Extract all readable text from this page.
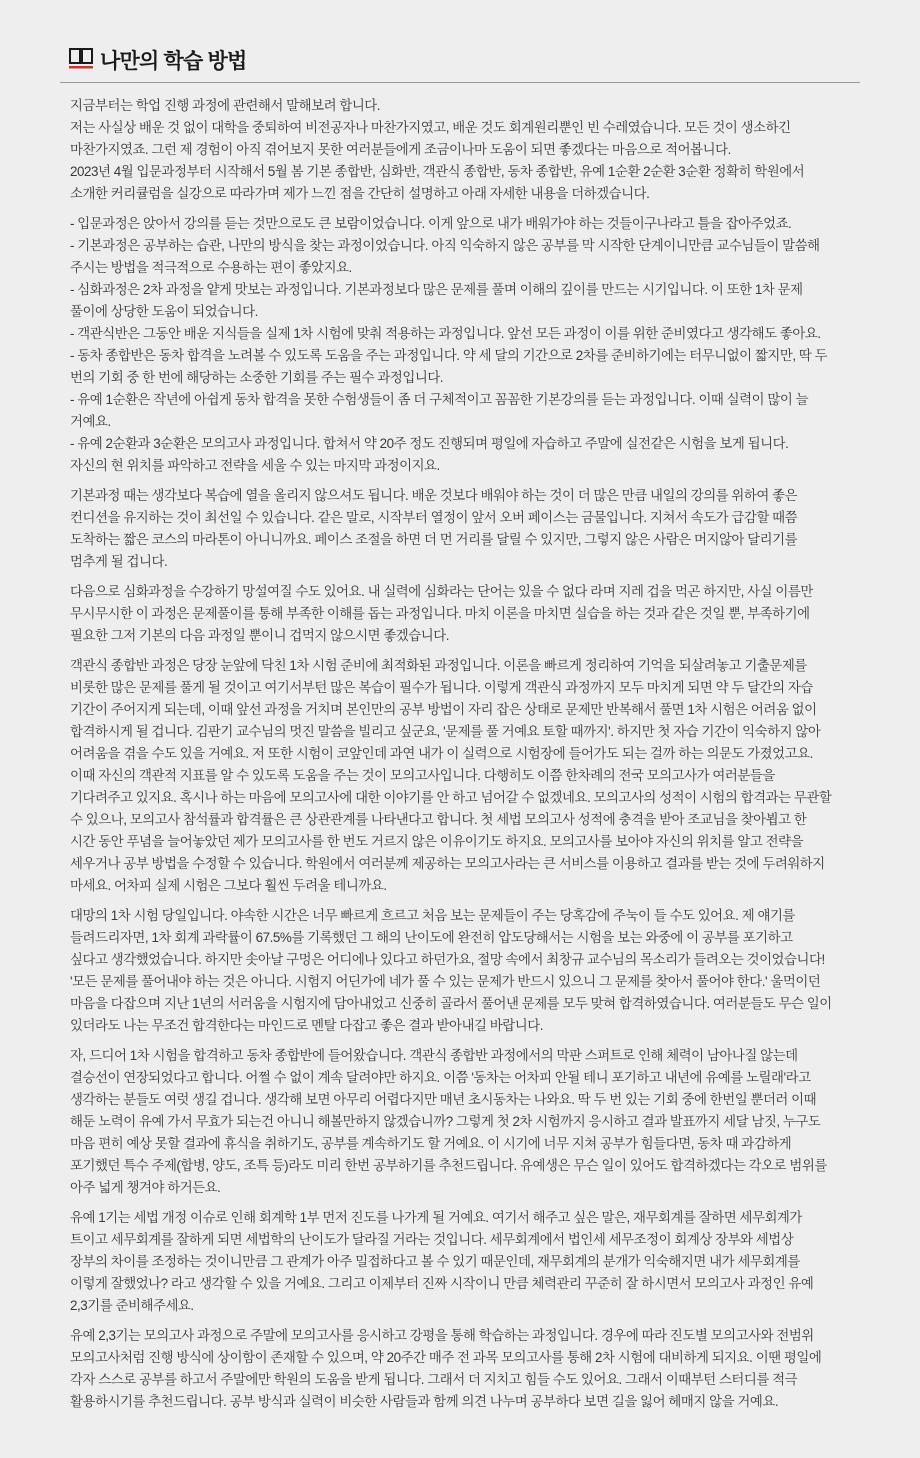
나만의 학습 방법
지금부터는 학업 진행 과정에 관련해서 말해보려 합니다.
저는 사실상 배운 것 없이 대학을 중퇴하여 비전공자나 마찬가지였고, 배운 것도 회계원리뿐인 빈 수레였습니다. 모든 것이 생소하긴
마찬가지였죠. 그런 제 경험이 아직 겪어보지 못한 여러분들에게 조금이나마 도움이 되면 좋겠다는 마음으로 적어봅니다.
2023년 4월 입문과정부터 시작해서 5월 봄 기본 종합반, 심화반, 객관식 종합반, 동차 종합반, 유예 1순환 2순환 3순환 정확히 학원에서
소개한 커리큘럼을 실강으로 따라가며 제가 느낀 점을 간단히 설명하고 아래 자세한 내용을 더하겠습니다.
- 입문과정은 앉아서 강의를 듣는 것만으로도 큰 보람이었습니다. 이게 앞으로 내가 배워가야 하는 것들이구나라고 틀을 잡아주었죠.
- 기본과정은 공부하는 습관, 나만의 방식을 찾는 과정이었습니다. 아직 익숙하지 않은 공부를 막 시작한 단계이니만큼 교수님들이 말씀해
주시는 방법을 적극적으로 수용하는 편이 좋았지요.
- 심화과정은 2차 과정을 얕게 맛보는 과정입니다. 기본과정보다 많은 문제를 풀며 이해의 깊이를 만드는 시기입니다. 이 또한 1차 문제
풀이에 상당한 도움이 되었습니다.
- 객관식반은 그동안 배운 지식들을 실제 1차 시험에 맞춰 적용하는 과정입니다. 앞선 모든 과정이 이를 위한 준비였다고 생각해도 좋아요.
- 동차 종합반은 동차 합격을 노려볼 수 있도록 도움을 주는 과정입니다. 약 세 달의 기간으로 2차를 준비하기에는 터무니없이 짧지만, 딱 두
번의 기회 중 한 번에 해당하는 소중한 기회를 주는 필수 과정입니다.
- 유예 1순환은 작년에 아쉽게 동차 합격을 못한 수험생들이 좀 더 구체적이고 꼼꼼한 기본강의를 듣는 과정입니다. 이때 실력이 많이 늘
거예요.
- 유예 2순환과 3순환은 모의고사 과정입니다. 합쳐서 약 20주 정도 진행되며 평일에 자습하고 주말에 실전같은 시험을 보게 됩니다.
자신의 현 위치를 파악하고 전략을 세울 수 있는 마지막 과정이지요.
기본과정 때는 생각보다 복습에 열을 올리지 않으셔도 됩니다. 배운 것보다 배워야 하는 것이 더 많은 만큼 내일의 강의를 위하여 좋은
컨디션을 유지하는 것이 최선일 수 있습니다. 같은 말로, 시작부터 열정이 앞서 오버 페이스는 금물입니다. 지쳐서 속도가 급감할 때쯤
도착하는 짧은 코스의 마라톤이 아니니까요. 페이스 조절을 하면 더 먼 거리를 달릴 수 있지만, 그렇지 않은 사람은 머지않아 달리기를
멈추게 될 겁니다.
다음으로 심화과정을 수강하기 망설여질 수도 있어요. 내 실력에 심화라는 단어는 있을 수 없다 라며 지레 겁을 먹곤 하지만, 사실 이름만
무시무시한 이 과정은 문제풀이를 통해 부족한 이해를 돕는 과정입니다. 마치 이론을 마치면 실습을 하는 것과 같은 것일 뿐, 부족하기에
필요한 그저 기본의 다음 과정일 뿐이니 겁먹지 않으시면 좋겠습니다.
객관식 종합반 과정은 당장 눈앞에 닥친 1차 시험 준비에 최적화된 과정입니다. 이론을 빠르게 정리하여 기억을 되살려놓고 기출문제를
비롯한 많은 문제를 풀게 될 것이고 여기서부턴 많은 복습이 필수가 됩니다. 이렇게 객관식 과정까지 모두 마치게 되면 약 두 달간의 자습
기간이 주어지게 되는데, 이때 앞선 과정을 거치며 본인만의 공부 방법이 자리 잡은 상태로 문제만 반복해서 풀면 1차 시험은 어려움 없이
합격하시게 될 겁니다. 김판기 교수님의 멋진 말씀을 빌리고 싶군요, '문제를 풀 거예요 토할 때까지'. 하지만 첫 자습 기간이 익숙하지 않아
어려움을 겪을 수도 있을 거예요. 저 또한 시험이 코앞인데 과연 내가 이 실력으로 시험장에 들어가도 되는 걸까 하는 의문도 가졌었고요.
이때 자신의 객관적 지표를 알 수 있도록 도움을 주는 것이 모의고사입니다. 다행히도 이쯤 한차례의 전국 모의고사가 여러분들을
기다려주고 있지요. 혹시나 하는 마음에 모의고사에 대한 이야기를 안 하고 넘어갈 수 없겠네요. 모의고사의 성적이 시험의 합격과는 무관할
수 있으나, 모의고사 참석률과 합격률은 큰 상관관계를 나타낸다고 합니다. 첫 세법 모의고사 성적에 충격을 받아 조교님을 찾아뵙고 한
시간 동안 푸념을 늘어놓았던 제가 모의고사를 한 번도 거르지 않은 이유이기도 하지요. 모의고사를 보아야 자신의 위치를 알고 전략을
세우거나 공부 방법을 수정할 수 있습니다. 학원에서 여러분께 제공하는 모의고사라는 큰 서비스를 이용하고 결과를 받는 것에 두려워하지
마세요. 어차피 실제 시험은 그보다 훨씬 두려울 테니까요.
대망의 1차 시험 당일입니다. 야속한 시간은 너무 빠르게 흐르고 처음 보는 문제들이 주는 당혹감에 주눅이 들 수도 있어요. 제 얘기를
들려드리자면, 1차 회계 과락률이 67.5%를 기록했던 그 해의 난이도에 완전히 압도당해서는 시험을 보는 와중에 이 공부를 포기하고
싶다고 생각했었습니다. 하지만 솟아날 구멍은 어디에나 있다고 하던가요, 절망 속에서 최창규 교수님의 목소리가 들려오는 것이었습니다!
'모든 문제를 풀어내야 하는 것은 아니다. 시험지 어딘가에 네가 풀 수 있는 문제가 반드시 있으니 그 문제를 찾아서 풀어야 한다.' 울먹이던
마음을 다잡으며 지난 1년의 서러움을 시험지에 담아내었고 신중히 골라서 풀어낸 문제를 모두 맞혀 합격하였습니다. 여러분들도 무슨 일이
있더라도 나는 무조건 합격한다는 마인드로 멘탈 다잡고 좋은 결과 받아내길 바랍니다.
자, 드디어 1차 시험을 합격하고 동차 종합반에 들어왔습니다. 객관식 종합반 과정에서의 막판 스퍼트로 인해 체력이 남아나질 않는데
결승선이 연장되었다고 합니다. 어쩔 수 없이 계속 달려야만 하지요. 이쯤 '동차는 어차피 안될 테니 포기하고 내년에 유예를 노릴래'라고
생각하는 분들도 여럿 생길 겁니다. 생각해 보면 아무리 어렵다지만 매년 초시동차는 나와요. 딱 두 번 있는 기회 중에 한번일 뿐더러 이때
해둔 노력이 유예 가서 무효가 되는건 아니니 해볼만하지 않겠습니까? 그렇게 첫 2차 시험까지 응시하고 결과 발표까지 세달 남짓, 누구도
마음 편히 예상 못할 결과에 휴식을 취하기도, 공부를 계속하기도 할 거예요. 이 시기에 너무 지쳐 공부가 힘들다면, 동차 때 과감하게
포기했던 특수 주제(합병, 양도, 조특 등)라도 미리 한번 공부하기를 추천드립니다. 유예생은 무슨 일이 있어도 합격하겠다는 각오로 범위를
아주 넓게 챙겨야 하거든요.
유예 1기는 세법 개정 이슈로 인해 회계학 1부 먼저 진도를 나가게 될 거예요. 여기서 해주고 싶은 말은, 재무회계를 잘하면 세무회계가
트이고 세무회계를 잘하게 되면 세법학의 난이도가 달라질 거라는 것입니다. 세무회계에서 법인세 세무조정이 회계상 장부와 세법상
장부의 차이를 조정하는 것이니만큼 그 관계가 아주 밀접하다고 볼 수 있기 때문인데, 재무회계의 분개가 익숙해지면 내가 세무회계를
이렇게 잘했었나? 라고 생각할 수 있을 거예요. 그리고 이제부터 진짜 시작이니 만큼 체력관리 꾸준히 잘 하시면서 모의고사 과정인 유예
2,3기를 준비해주세요.
유예 2,3기는 모의고사 과정으로 주말에 모의고사를 응시하고 강평을 통해 학습하는 과정입니다. 경우에 따라 진도별 모의고사와 전범위
모의고사처럼 진행 방식에 상이함이 존재할 수 있으며, 약 20주간 매주 전 과목 모의고사를 통해 2차 시험에 대비하게 되지요. 이땐 평일에
각자 스스로 공부를 하고서 주말에만 학원의 도움을 받게 됩니다. 그래서 더 지치고 힘들 수도 있어요. 그래서 이때부턴 스터디를 적극
활용하시기를 추천드립니다. 공부 방식과 실력이 비슷한 사람들과 함께 의견 나누며 공부하다 보면 길을 잃어 헤매지 않을 거예요.
